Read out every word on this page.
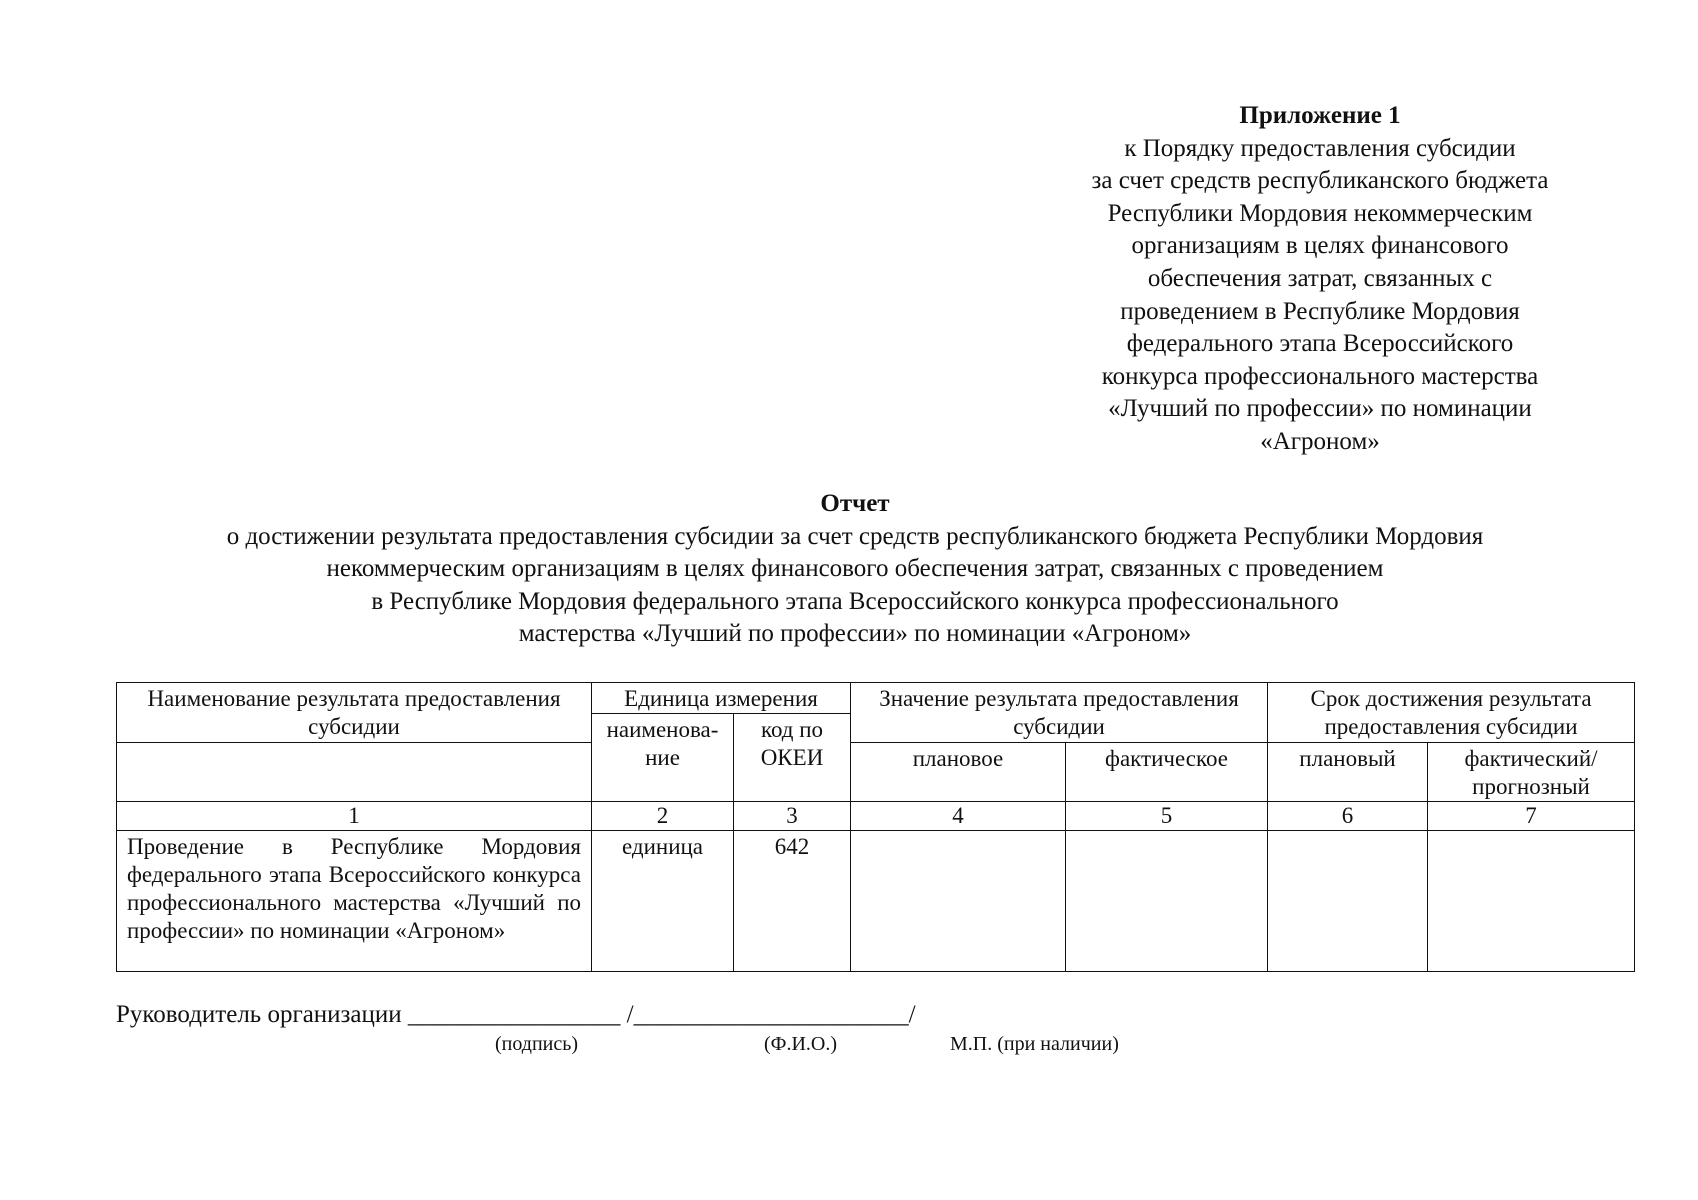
Приложение 1
к Порядку предоставления субсидии
за счет средств республиканского бюджета
Республики Мордовия некоммерческим
организациям в целях финансового
обеспечения затрат, связанных с
проведением в Республике Мордовия
федерального этапа Всероссийского
конкурса профессионального мастерства
«Лучший по профессии» по номинации
«Агроном»
Отчет
о достижении результата предоставления субсидии за счет средств республиканского бюджета Республики Мордовия
некоммерческим организациям в целях финансового обеспечения затрат, связанных с проведением
в Республике Мордовия федерального этапа Всероссийского конкурса профессионального
мастерства «Лучший по профессии» по номинации «Агроном»
Наименование результата предоставления субсидии	Единица измерения		Значение результата предоставления субсидии		Срок достижения результата предоставления субсидии	
	наименова-ние	код по ОКЕИ				
			плановое	фактическое	плановый	фактический/ прогнозный
1	2	3	4	5	6	7
Проведение в Республике Мордовия федерального этапа Всероссийского конкурса профессионального мастерства «Лучший по профессии» по номинации «Агроном»	единица	642				
Руководитель организации _________________ /______________________/
(подпись)	(Ф.И.О.)	М.П. (при наличии)
